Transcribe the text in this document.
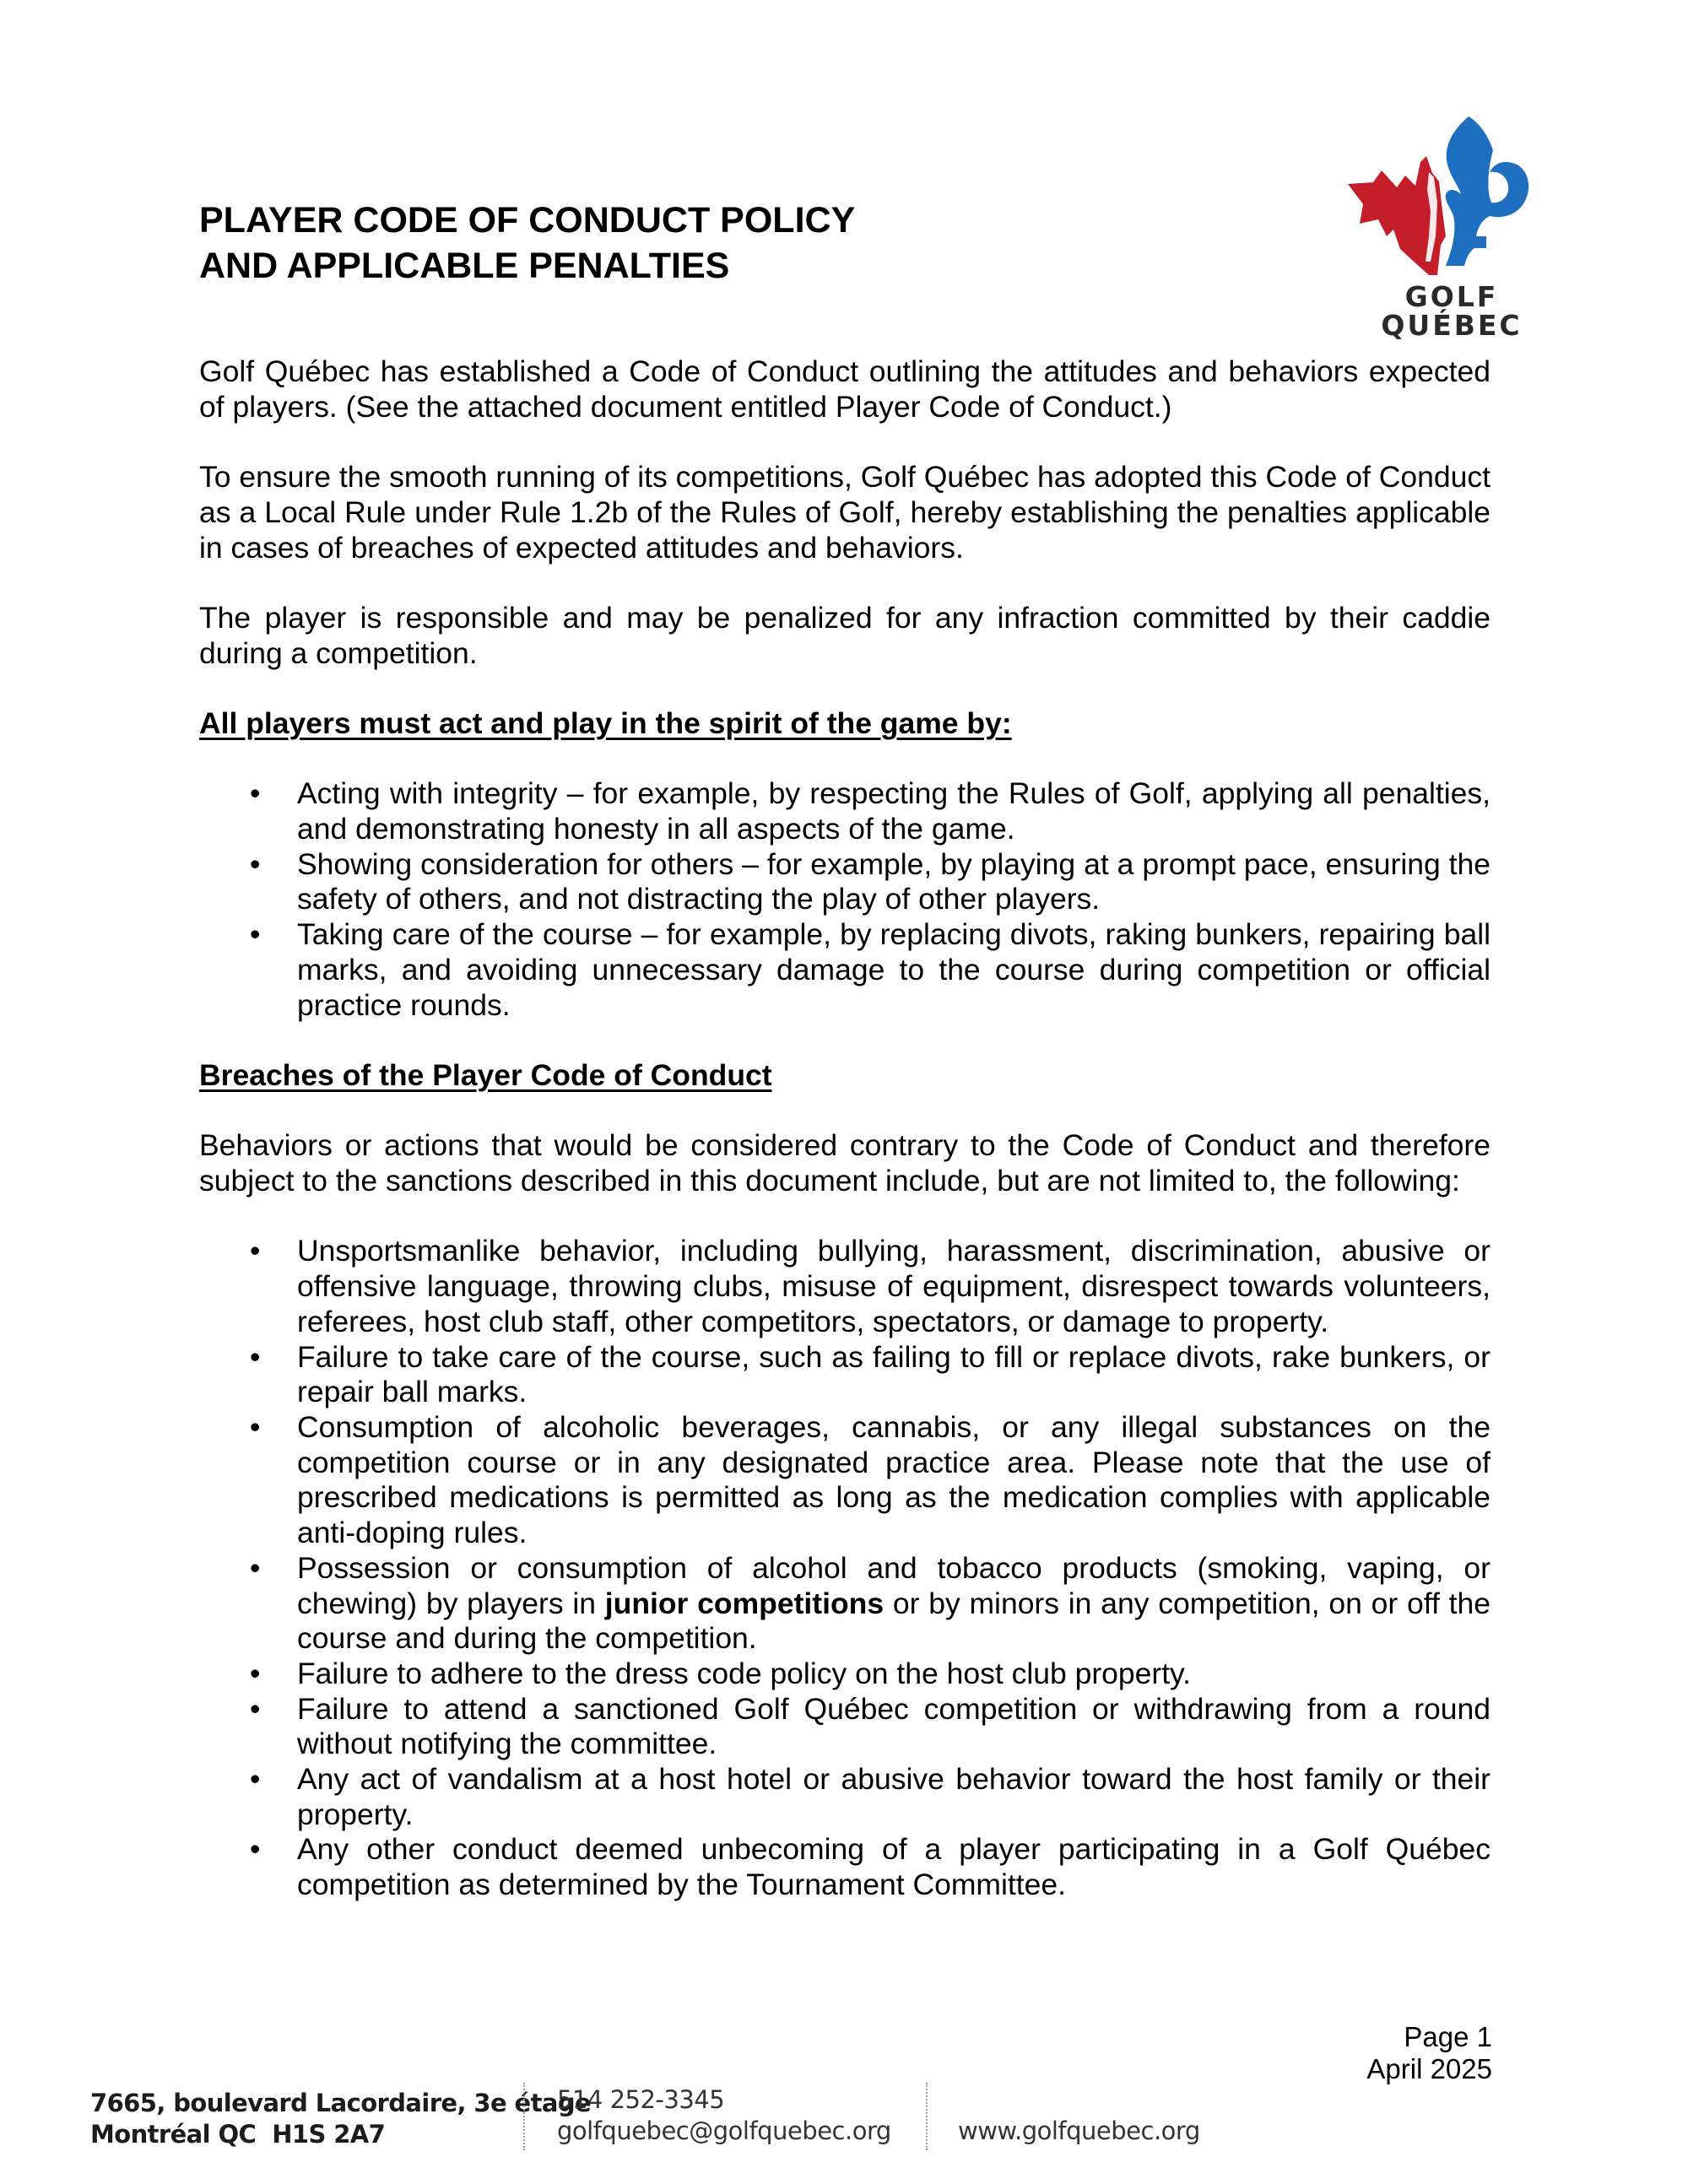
PLAYER CODE OF CONDUCT POLICY
AND APPLICABLE PENALTIES
GOLF
QUÉBEC

Golf Québec has established a Code of Conduct outlining the attitudes and behaviors expected of players. (See the attached document entitled Player Code of Conduct.)

To ensure the smooth running of its competitions, Golf Québec has adopted this Code of Conduct as a Local Rule under Rule 1.2b of the Rules of Golf, hereby establishing the penalties applicable in cases of breaches of expected attitudes and behaviors.

The player is responsible and may be penalized for any infraction committed by their caddie during a competition.

All players must act and play in the spirit of the game by:
• Acting with integrity – for example, by respecting the Rules of Golf, applying all penalties, and demonstrating honesty in all aspects of the game.
• Showing consideration for others – for example, by playing at a prompt pace, ensuring the safety of others, and not distracting the play of other players.
• Taking care of the course – for example, by replacing divots, raking bunkers, repairing ball marks, and avoiding unnecessary damage to the course during competition or official practice rounds.
Breaches of the Player Code of Conduct

Behaviors or actions that would be considered contrary to the Code of Conduct and therefore subject to the sanctions described in this document include, but are not limited to, the following:

• Unsportsmanlike behavior, including bullying, harassment, discrimination, abusive or offensive language, throwing clubs, misuse of equipment, disrespect towards volunteers, referees, host club staff, other competitors, spectators, or damage to property.
• Failure to take care of the course, such as failing to fill or replace divots, rake bunkers, or repair ball marks.
• Consumption of alcoholic beverages, cannabis, or any illegal substances on the competition course or in any designated practice area. Please note that the use of prescribed medications is permitted as long as the medication complies with applicable anti-doping rules.
• Possession or consumption of alcohol and tobacco products (smoking, vaping, or chewing) by players in junior competitions or by minors in any competition, on or off the course and during the competition.
• Failure to adhere to the dress code policy on the host club property.
• Failure to attend a sanctioned Golf Québec competition or withdrawing from a round without notifying the committee.
• Any act of vandalism at a host hotel or abusive behavior toward the host family or their property.
• Any other conduct deemed unbecoming of a player participating in a Golf Québec competition as determined by the Tournament Committee.
Page 1
April 2025
7665, boulevard Lacordaire, 3e étage
Montréal QC  H1S 2A7
514 252-3345
golfquebec@golfquebec.org	www.golfquebec.org
